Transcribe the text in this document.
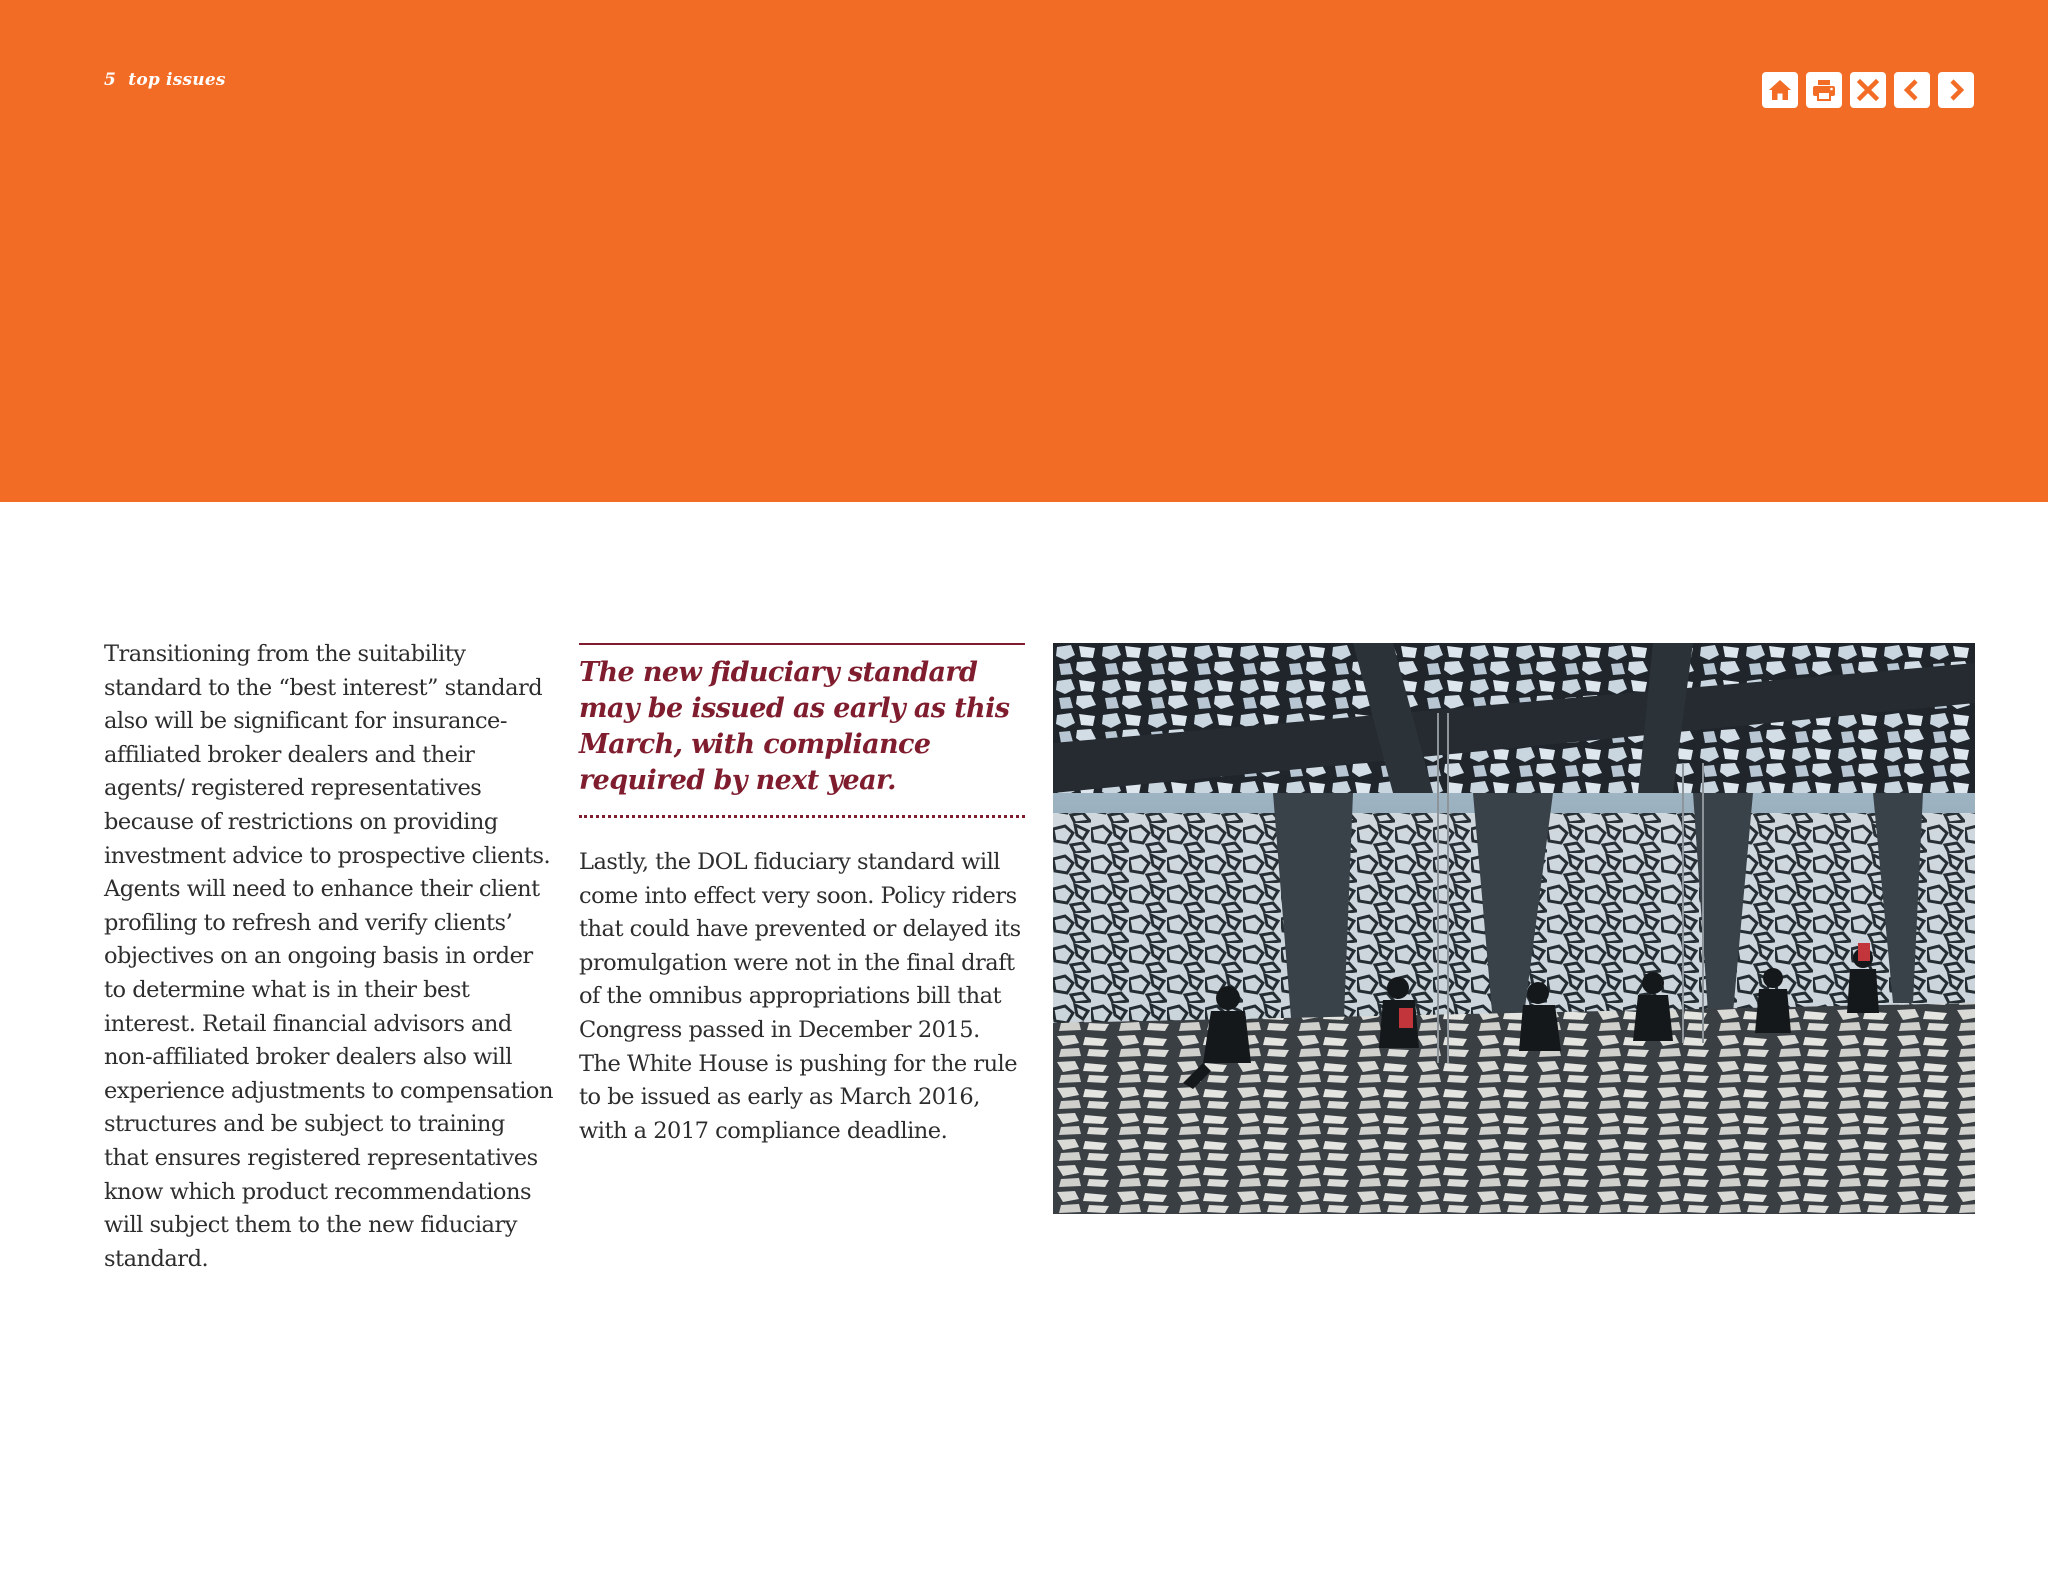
5  top issues
Transitioning from the suitability standard to the “best interest” standard also will be significant for insurance-affiliated broker dealers and their agents/ registered representatives because of restrictions on providing investment advice to prospective clients. Agents will need to enhance their client profiling to refresh and verify clients’ objectives on an ongoing basis in order to determine what is in their best interest. Retail financial advisors and non-affiliated broker dealers also will experience adjustments to compensation structures and be subject to training that ensures registered representatives know which product recommendations will subject them to the new fiduciary standard.
The new fiduciary standard may be issued as early as this March, with compliance required by next year.
Lastly, the DOL fiduciary standard will come into effect very soon. Policy riders that could have prevented or delayed its promulgation were not in the final draft of the omnibus appropriations bill that Congress passed in December 2015. The White House is pushing for the rule to be issued as early as March 2016, with a 2017 compliance deadline.
